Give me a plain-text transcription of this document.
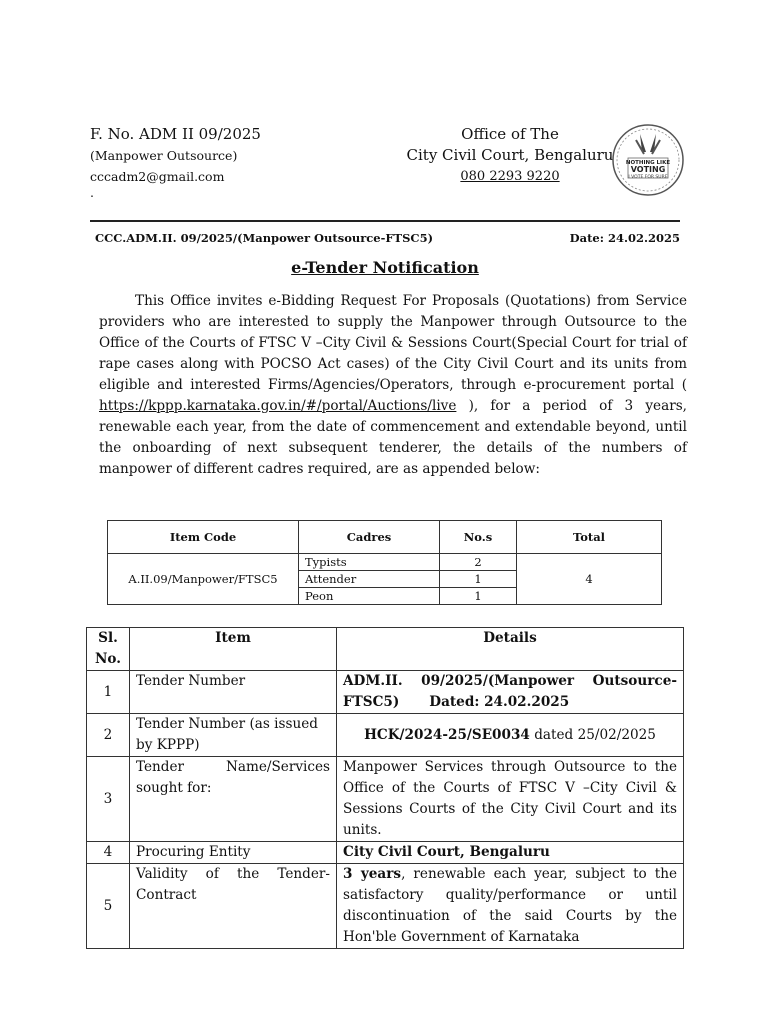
F. No. ADM II 09/2025
(Manpower Outsource)
cccadm2@gmail.com
.
Office of The
City Civil Court, Bengaluru
080 2293 9220
NOTHING LIKE
VOTING
I VOTE FOR SURE
CCC.ADM.II. 09/2025/(Manpower Outsource-FTSC5)	Date: 24.02.2025
e-Tender Notification
This Office invites e-Bidding Request For Proposals (Quotations) from Service providers who are interested to supply the Manpower through Outsource to the Office of the Courts of FTSC V –City Civil & Sessions Court(Special Court for trial of rape cases along with POCSO Act cases) of the City Civil Court and its units from eligible and interested Firms/Agencies/Operators, through e-procurement portal ( https://kppp.karnataka.gov.in/#/portal/Auctions/live ), for a period of 3 years, renewable each year, from the date of commencement and extendable beyond, until the onboarding of next subsequent tenderer, the details of the numbers of manpower of different cadres required, are as appended below:
Item Code	Cadres	No.s	Total
A.II.09/Manpower/FTSC5	Typists	2	4
	Attender	1	
	Peon	1	
Sl. No.	Item	Details
1	Tender Number	ADM.II. 09/2025/(Manpower Outsource-FTSC5) Dated: 24.02.2025
2	Tender Number (as issued by KPPP)	HCK/2024-25/SE0034 dated 25/02/2025
3	Tender Name/Services sought for:	Manpower Services through Outsource to the Office of the Courts of FTSC V –City Civil & Sessions Courts of the City Civil Court and its units.
4	Procuring Entity	City Civil Court, Bengaluru
5	Validity of the Tender-Contract	3 years, renewable each year, subject to the satisfactory quality/performance or until discontinuation of the said Courts by the Hon'ble Government of Karnataka
